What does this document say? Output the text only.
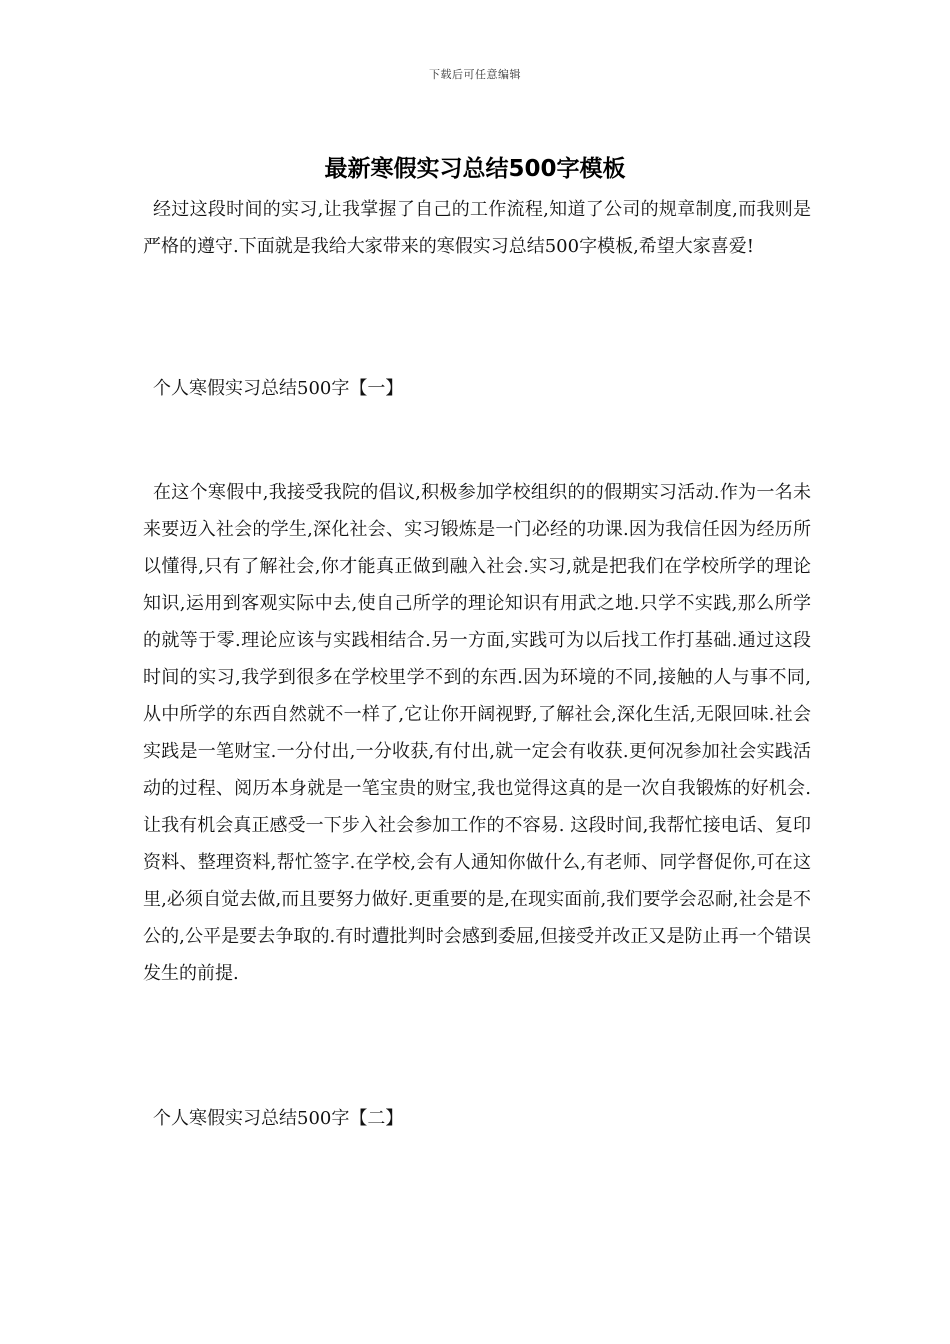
下载后可任意编辑
最新寒假实习总结500字模板

经过这段时间的实习,让我掌握了自己的工作流程,知道了公司的规章制度,而我则是严格的遵守.下面就是我给大家带来的寒假实习总结500字模板,希望大家喜爱!

个人寒假实习总结500字【一】

在这个寒假中,我接受我院的倡议,积极参加学校组织的的假期实习活动.作为一名未来要迈入社会的学生,深化社会、实习锻炼是一门必经的功课.因为我信任因为经历所以懂得,只有了解社会,你才能真正做到融入社会.实习,就是把我们在学校所学的理论知识,运用到客观实际中去,使自己所学的理论知识有用武之地.只学不实践,那么所学的就等于零.理论应该与实践相结合.另一方面,实践可为以后找工作打基础.通过这段时间的实习,我学到很多在学校里学不到的东西.因为环境的不同,接触的人与事不同,从中所学的东西自然就不一样了,它让你开阔视野,了解社会,深化生活,无限回味.社会实践是一笔财宝.一分付出,一分收获,有付出,就一定会有收获.更何况参加社会实践活动的过程、阅历本身就是一笔宝贵的财宝,我也觉得这真的是一次自我锻炼的好机会.让我有机会真正感受一下步入社会参加工作的不容易. 这段时间,我帮忙接电话、复印资料、整理资料,帮忙签字.在学校,会有人通知你做什么,有老师、同学督促你,可在这里,必须自觉去做,而且要努力做好.更重要的是,在现实面前,我们要学会忍耐,社会是不公的,公平是要去争取的.有时遭批判时会感到委屈,但接受并改正又是防止再一个错误发生的前提.

个人寒假实习总结500字【二】
